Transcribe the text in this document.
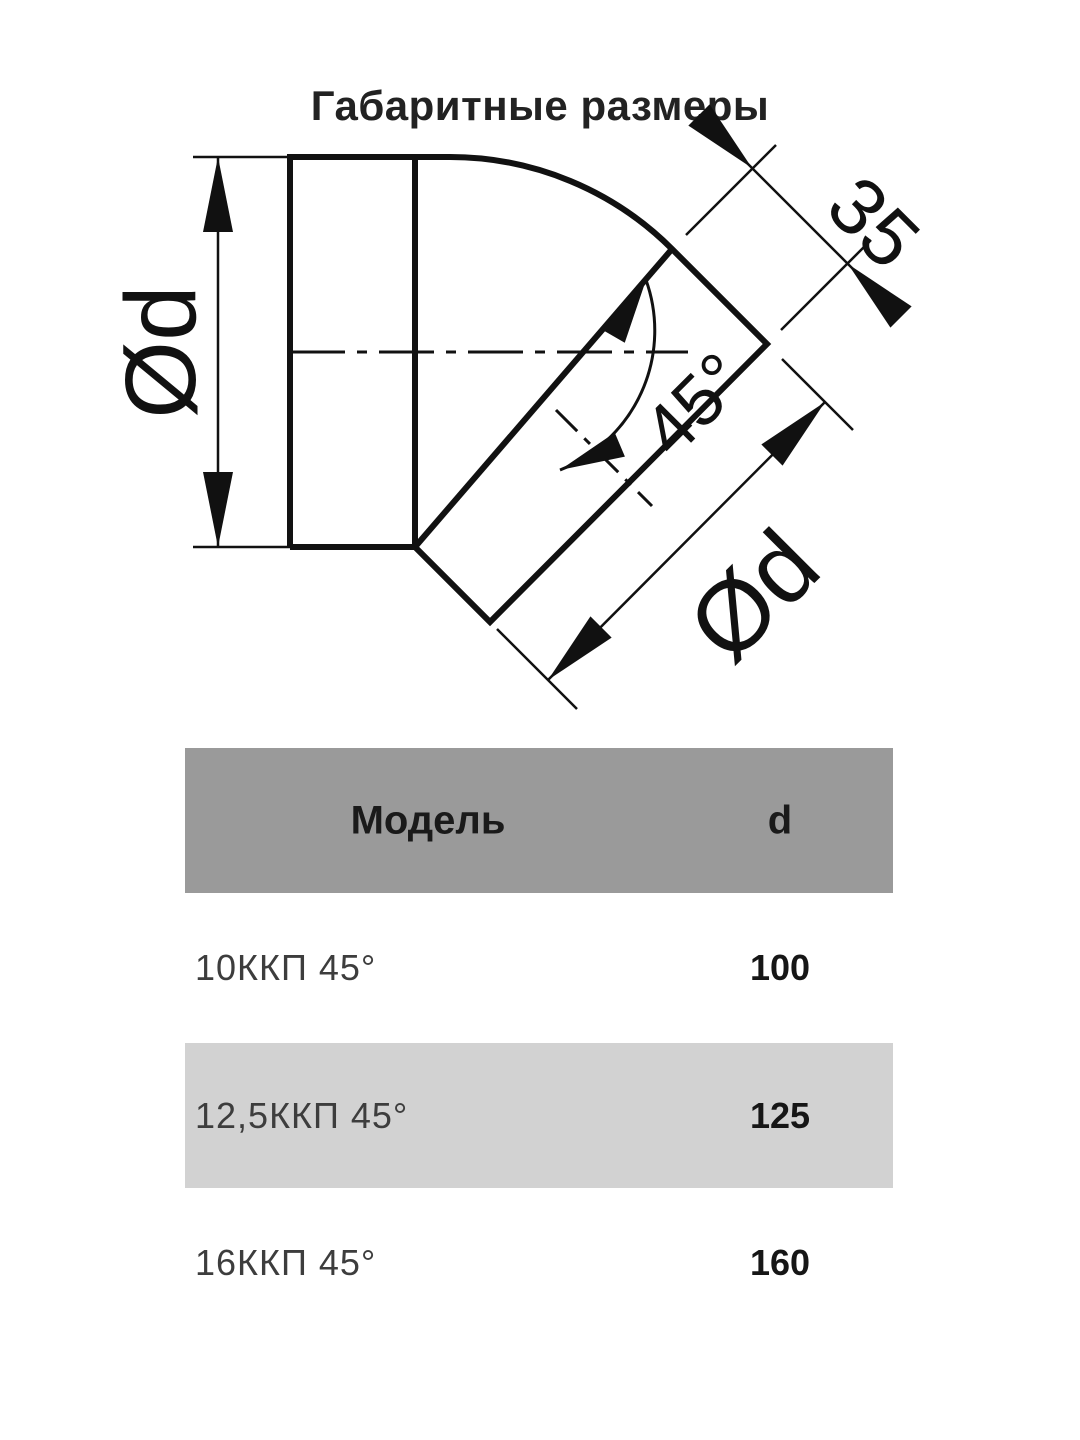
Габаритные размеры
Ød
35
45°
Ød
Модель	d
10ККП 45°	100
12,5ККП 45°	125
16ККП 45°	160
